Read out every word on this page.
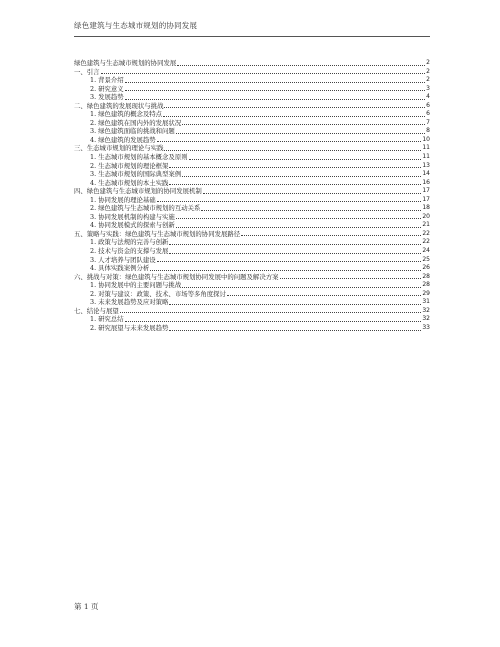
绿色建筑与生态城市规划的协同发展
绿色建筑与生态城市规划的协同发展	2
一、引言	2
1. 背景介绍	2
2. 研究意义	3
3. 发展趋势	4
二、绿色建筑的发展现状与挑战	6
1. 绿色建筑的概念及特点	6
2. 绿色建筑在国内外的发展状况	7
3. 绿色建筑面临的挑战和问题	8
4. 绿色建筑的发展趋势	10
三、生态城市规划的理论与实践	11
1. 生态城市规划的基本概念及原则	11
2. 生态城市规划的理论框架	13
3. 生态城市规划的国际典型案例	14
4. 生态城市规划的本土实践	16
四、绿色建筑与生态城市规划的协同发展机制	17
1. 协同发展的理论基础	17
2. 绿色建筑与生态城市规划的互动关系	18
3. 协同发展机制的构建与实施	20
4. 协同发展模式的探索与创新	21
五、策略与实践：绿色建筑与生态城市规划的协同发展路径	22
1. 政策与法规的完善与创新	22
2. 技术与资金的支撑与发展	24
3. 人才培养与团队建设	25
4. 具体实践案例分析	26
六、挑战与对策：绿色建筑与生态城市规划协同发展中的问题及解决方案	28
1. 协同发展中的主要问题与挑战	28
2. 对策与建议：政策、技术、市场等多角度探讨	29
3. 未来发展趋势及应对策略	31
七、结论与展望	32
1. 研究总结	32
2. 研究展望与未来发展趋势	33
第 1 页
